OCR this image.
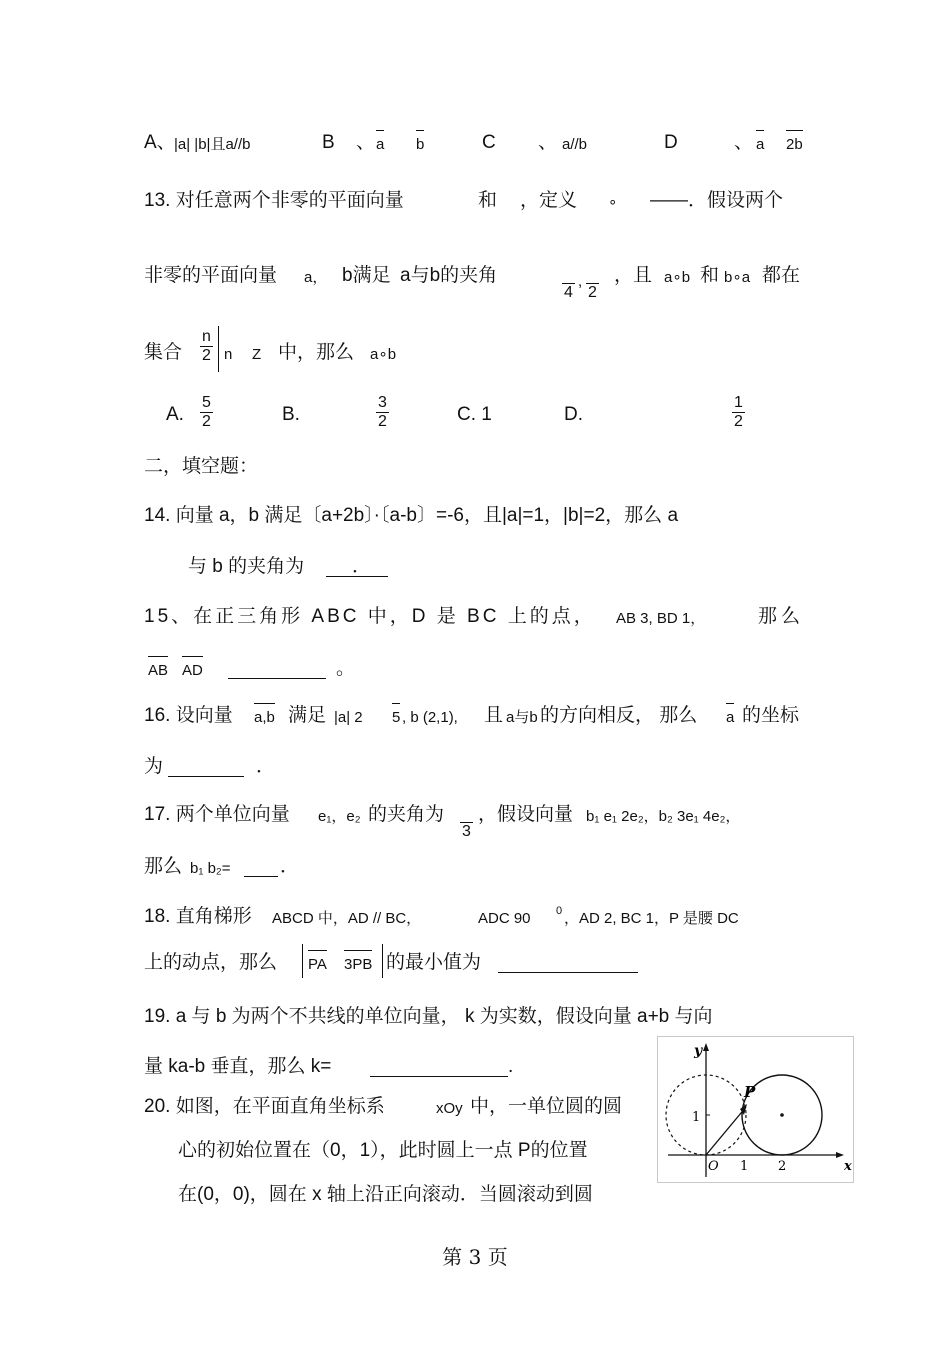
A、
|a| |b|且a//b	B 、 a b	C 、 a//b	D	、 a 2b
13. 对任意两个非零的平面向量	和 ，定义 ∘ ——．假设两个
非零的平面向量 a， b满足 a与b的夹角
4
,
2
，且 a∘b 和 b∘a 都在
集合 $\frac{n}{2}$ n Z 中，那么 a∘b
A. $\frac{5}{2}$	B.	$\frac{3}{2}$	C. 1	D.	$\frac{1}{2}$
二，填空题：
14. 向量 a，b 满足〔a+2b〕·〔a-b〕=-6，且|a|=1，|b|=2，那么 a
与 b 的夹角为	．
15、在正三角形 ABC 中，D 是 BC 上的点， AB 3, BD 1，	那么
AB AD	。
16. 设向量 a,b 满足 |a| 2 5 , b (2,1), 且 a与b 的方向相反， 那么 a 的坐标
为	．
17. 两个单位向量 e₁，e₂ 的夹角为
3
，假设向量 b₁ e₁ 2e₂，b₂ 3e₁ 4e₂，
那么 b₁ b₂=	．
18. 直角梯形 ABCD 中，AD // BC，	ADC 90 0 ，AD 2, BC 1，P 是腰 DC
上的动点，那么 PA 3PB 的最小值为
19. a 与 b 为两个不共线的单位向量， k 为实数，假设向量 a+b 与向
量 ka-b 垂直，那么 k=	.
20. 如图，在平面直角坐标系	xOy 中，一单位圆的圆
心的初始位置在（0，1），此时圆上一点 P的位置
在(0，0)，圆在 x 轴上沿正向滚动．当圆滚动到圆
y
x
P
1
O 1 2
第 3 页
